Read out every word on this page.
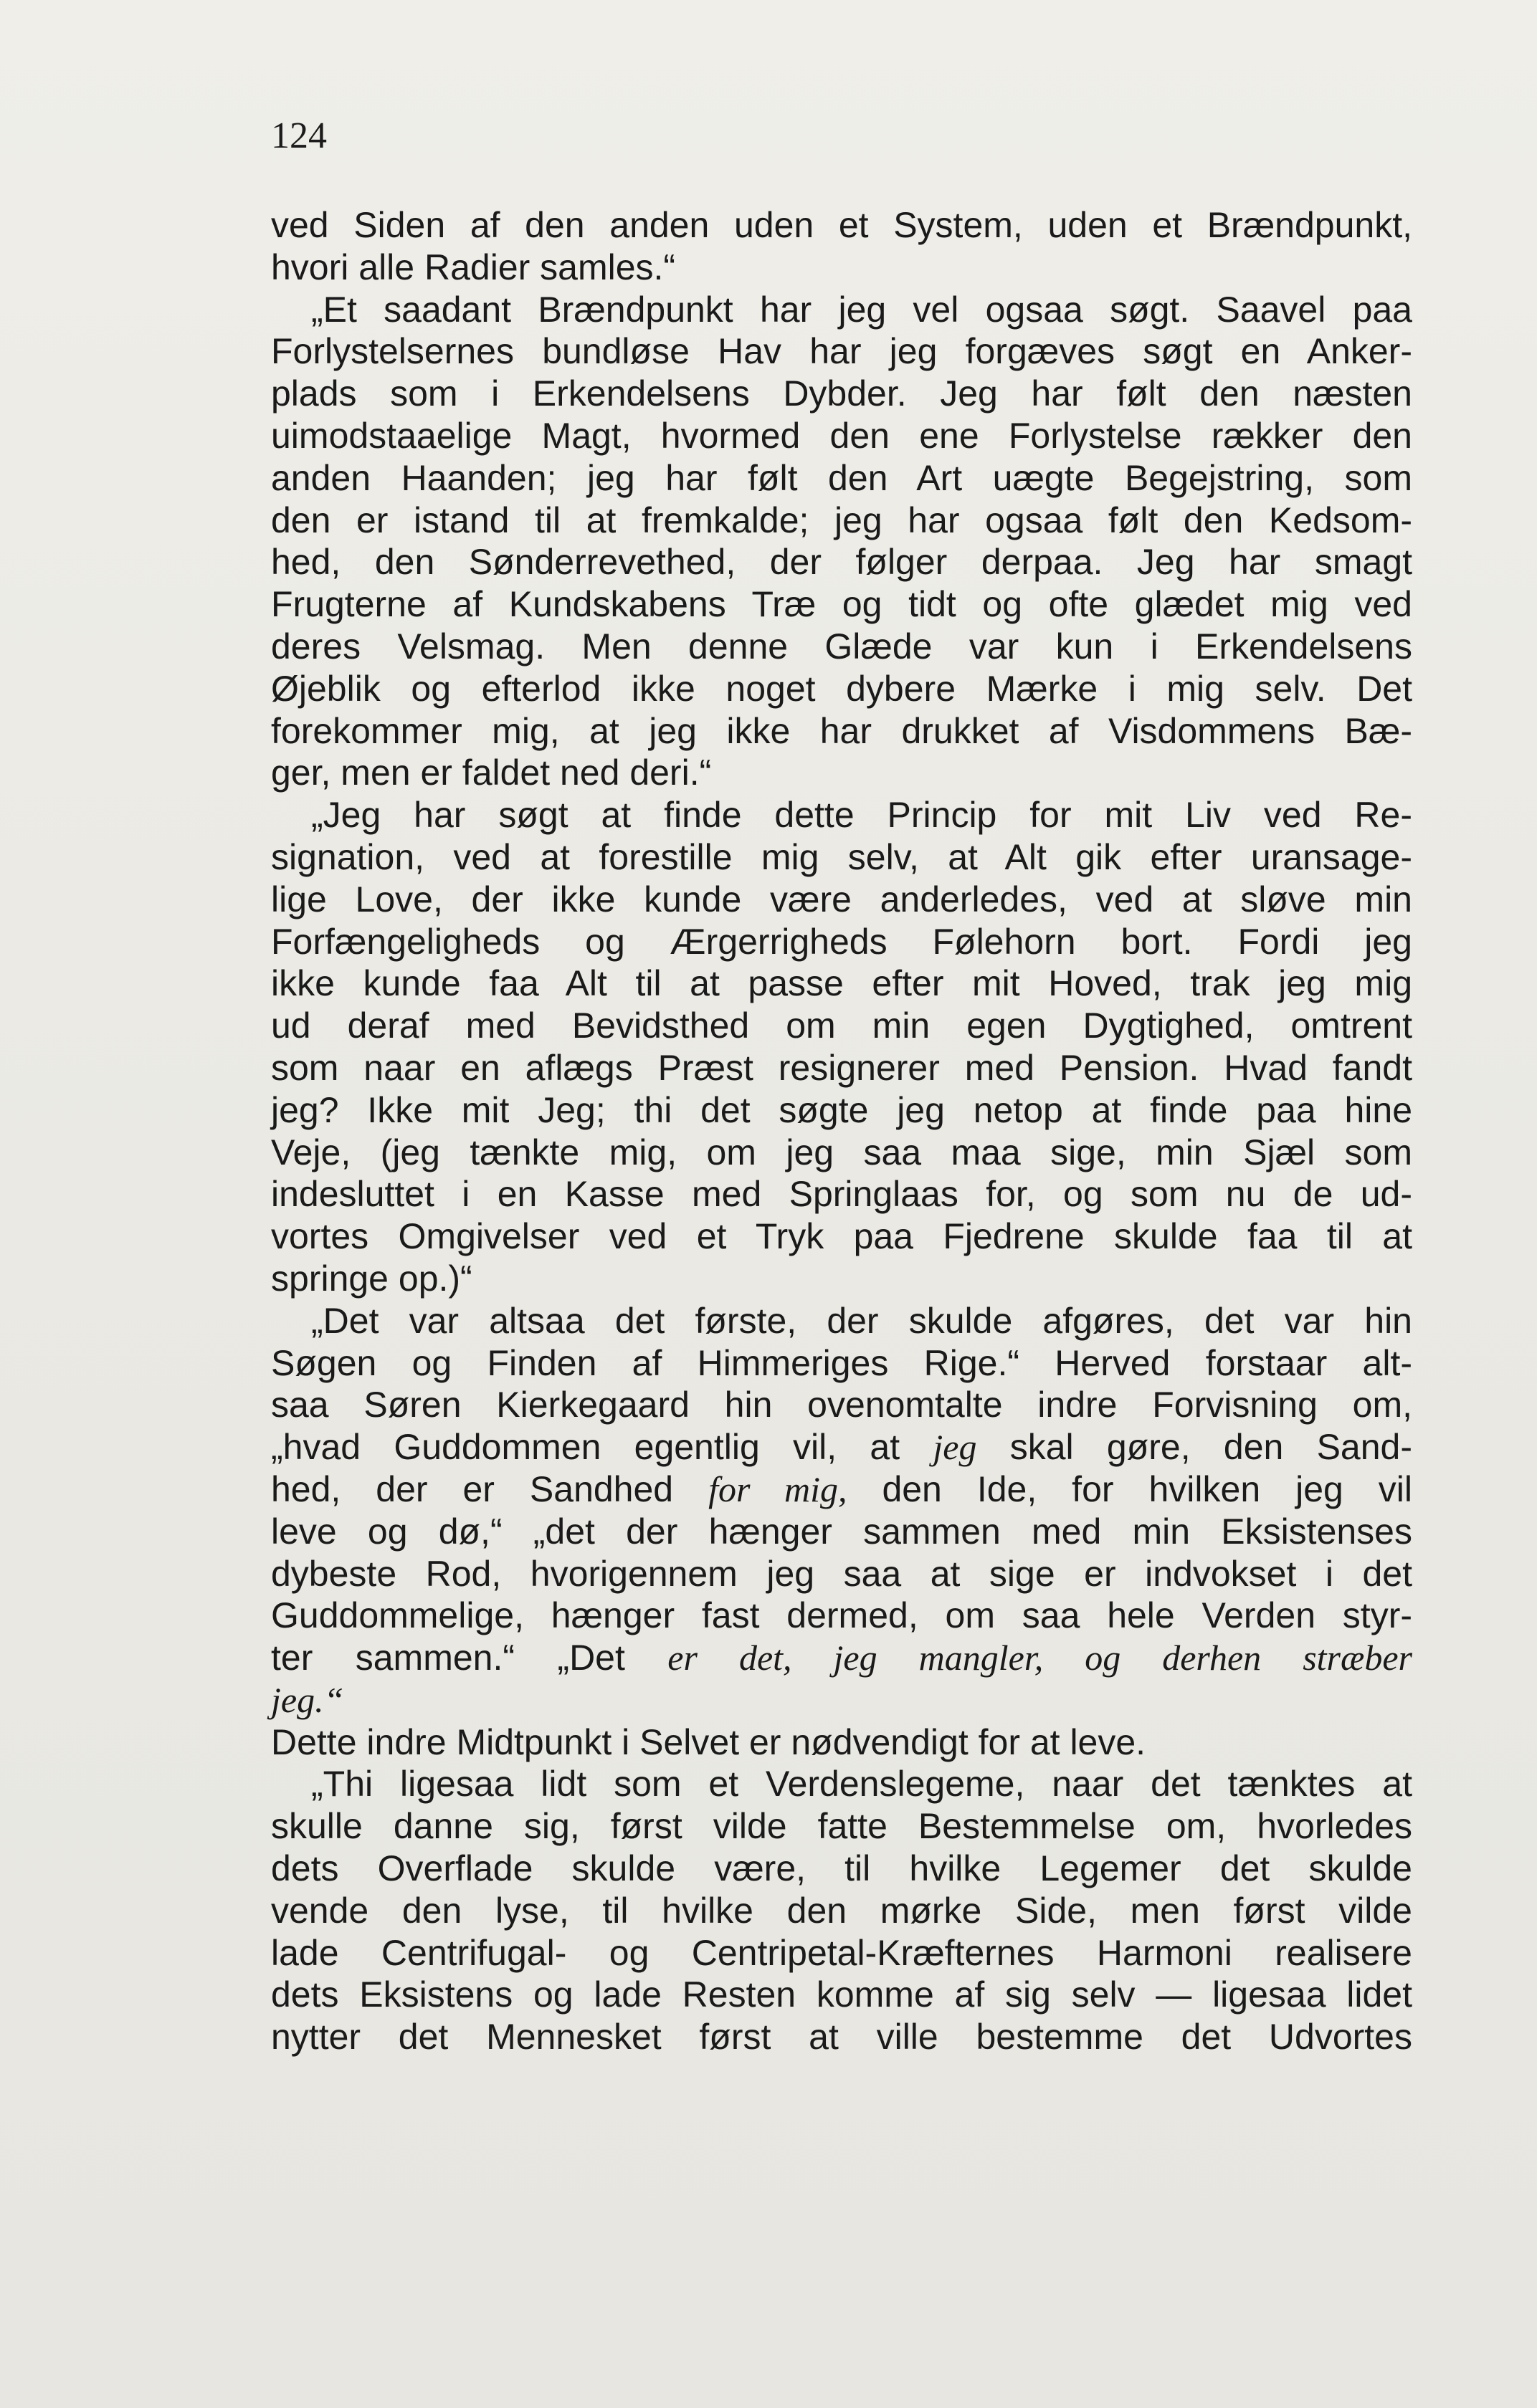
124

ved Siden af den anden uden et System, uden et Brændpunkt,
hvori alle Radier samles.“
„Et saadant Brændpunkt har jeg vel ogsaa søgt. Saavel paa
Forlystelsernes bundløse Hav har jeg forgæves søgt en Anker-
plads som i Erkendelsens Dybder. Jeg har følt den næsten
uimodstaaelige Magt, hvormed den ene Forlystelse rækker den
anden Haanden; jeg har følt den Art uægte Begejstring, som
den er istand til at fremkalde; jeg har ogsaa følt den Kedsom-
hed, den Sønderrevethed, der følger derpaa. Jeg har smagt
Frugterne af Kundskabens Træ og tidt og ofte glædet mig ved
deres Velsmag. Men denne Glæde var kun i Erkendelsens
Øjeblik og efterlod ikke noget dybere Mærke i mig selv. Det
forekommer mig, at jeg ikke har drukket af Visdommens Bæ-
ger, men er faldet ned deri.“
„Jeg har søgt at finde dette Princip for mit Liv ved Re-
signation, ved at forestille mig selv, at Alt gik efter uransage-
lige Love, der ikke kunde være anderledes, ved at sløve min
Forfængeligheds og Ærgerrigheds Følehorn bort. Fordi jeg
ikke kunde faa Alt til at passe efter mit Hoved, trak jeg mig
ud deraf med Bevidsthed om min egen Dygtighed, omtrent
som naar en aflægs Præst resignerer med Pension. Hvad fandt
jeg? Ikke mit Jeg; thi det søgte jeg netop at finde paa hine
Veje, (jeg tænkte mig, om jeg saa maa sige, min Sjæl som
indesluttet i en Kasse med Springlaas for, og som nu de ud-
vortes Omgivelser ved et Tryk paa Fjedrene skulde faa til at
springe op.)“
„Det var altsaa det første, der skulde afgøres, det var hin
Søgen og Finden af Himmeriges Rige.“ Herved forstaar alt-
saa Søren Kierkegaard hin ovenomtalte indre Forvisning om,
„hvad Guddommen egentlig vil, at jeg skal gøre, den Sand-
hed, der er Sandhed for mig, den Ide, for hvilken jeg vil
leve og dø,“ „det der hænger sammen med min Eksistenses
dybeste Rod, hvorigennem jeg saa at sige er indvokset i det
Guddommelige, hænger fast dermed, om saa hele Verden styr-
ter sammen.“ „Det er det, jeg mangler, og derhen stræber
jeg.“
Dette indre Midtpunkt i Selvet er nødvendigt for at leve.
„Thi ligesaa lidt som et Verdenslegeme, naar det tænktes at
skulle danne sig, først vilde fatte Bestemmelse om, hvorledes
dets Overflade skulde være, til hvilke Legemer det skulde
vende den lyse, til hvilke den mørke Side, men først vilde
lade Centrifugal- og Centripetal-Kræfternes Harmoni realisere
dets Eksistens og lade Resten komme af sig selv — ligesaa lidet
nytter det Mennesket først at ville bestemme det Udvortes
